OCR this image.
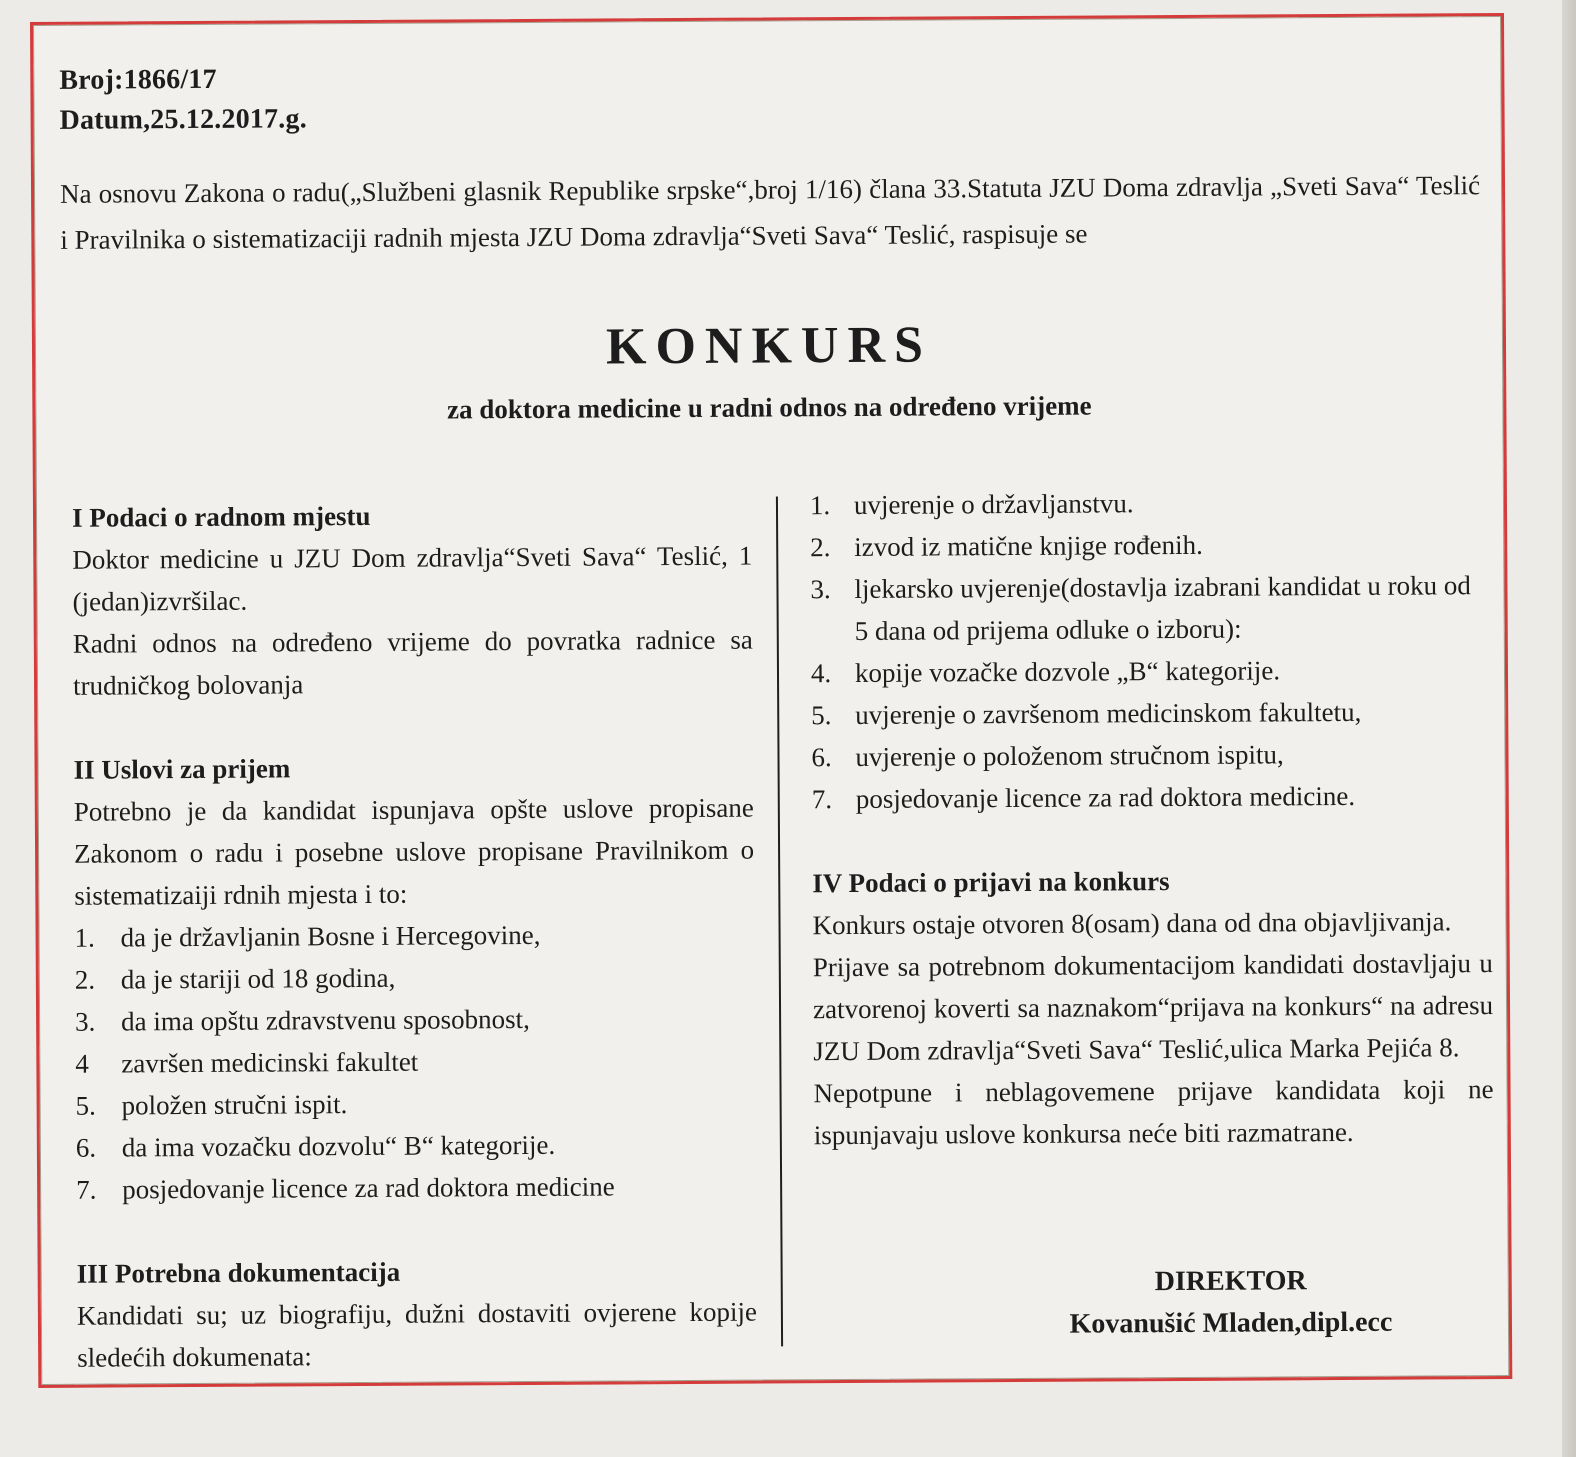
Broj:1866/17
Datum,25.12.2017.g.
Na osnovu Zakona o radu(„Službeni glasnik Republike srpske“,broj 1/16) člana 33.Statuta JZU Doma zdravlja „Sveti Sava“ Teslić i Pravilnika o sistematizaciji radnih mjesta JZU Doma zdravlja“Sveti Sava“ Teslić, raspisuje se
KONKURS
za doktora medicine u radni odnos na određeno vrijeme
I Podaci o radnom mjestu
Doktor medicine u JZU Dom zdravlja“Sveti Sava“ Teslić, 1 (jedan)izvršilac.
Radni odnos na određeno vrijeme do povratka radnice sa trudničkog bolovanja
II Uslovi za prijem
Potrebno je da kandidat ispunjava opšte uslove propisane Zakonom o radu i posebne uslove propisane Pravilnikom o sistematizaiji rdnih mjesta i to:
1. da je državljanin Bosne i Hercegovine,
2. da je stariji od 18 godina,
3. da ima opštu zdravstvenu sposobnost,
4	završen medicinski fakultet
5. položen stručni ispit.
6. da ima vozačku dozvolu“ B“ kategorije.
7. posjedovanje licence za rad doktora medicine
III Potrebna dokumentacija
Kandidati su; uz biografiju, dužni dostaviti ovjerene kopije sledećih dokumenata:
1. uvjerenje o državljanstvu.
2. izvod iz matične knjige rođenih.
3. ljekarsko uvjerenje(dostavlja izabrani kandidat u roku od 5 dana od prijema odluke o izboru):
4. kopije vozačke dozvole „B“ kategorije.
5. uvjerenje o završenom medicinskom fakultetu,
6. uvjerenje o položenom stručnom ispitu,
7. posjedovanje licence za rad doktora medicine.
IV Podaci o prijavi na konkurs
Konkurs ostaje otvoren 8(osam) dana od dna objavljivanja.
Prijave sa potrebnom dokumentacijom kandidati dostavljaju u zatvorenoj koverti sa naznakom“prijava na konkurs“ na adresu JZU Dom zdravlja“Sveti Sava“ Teslić,ulica Marka Pejića 8.
Nepotpune i neblagovemene prijave kandidata koji ne ispunjavaju uslove konkursa neće biti razmatrane.
DIREKTOR
Kovanušić Mladen,dipl.ecc
